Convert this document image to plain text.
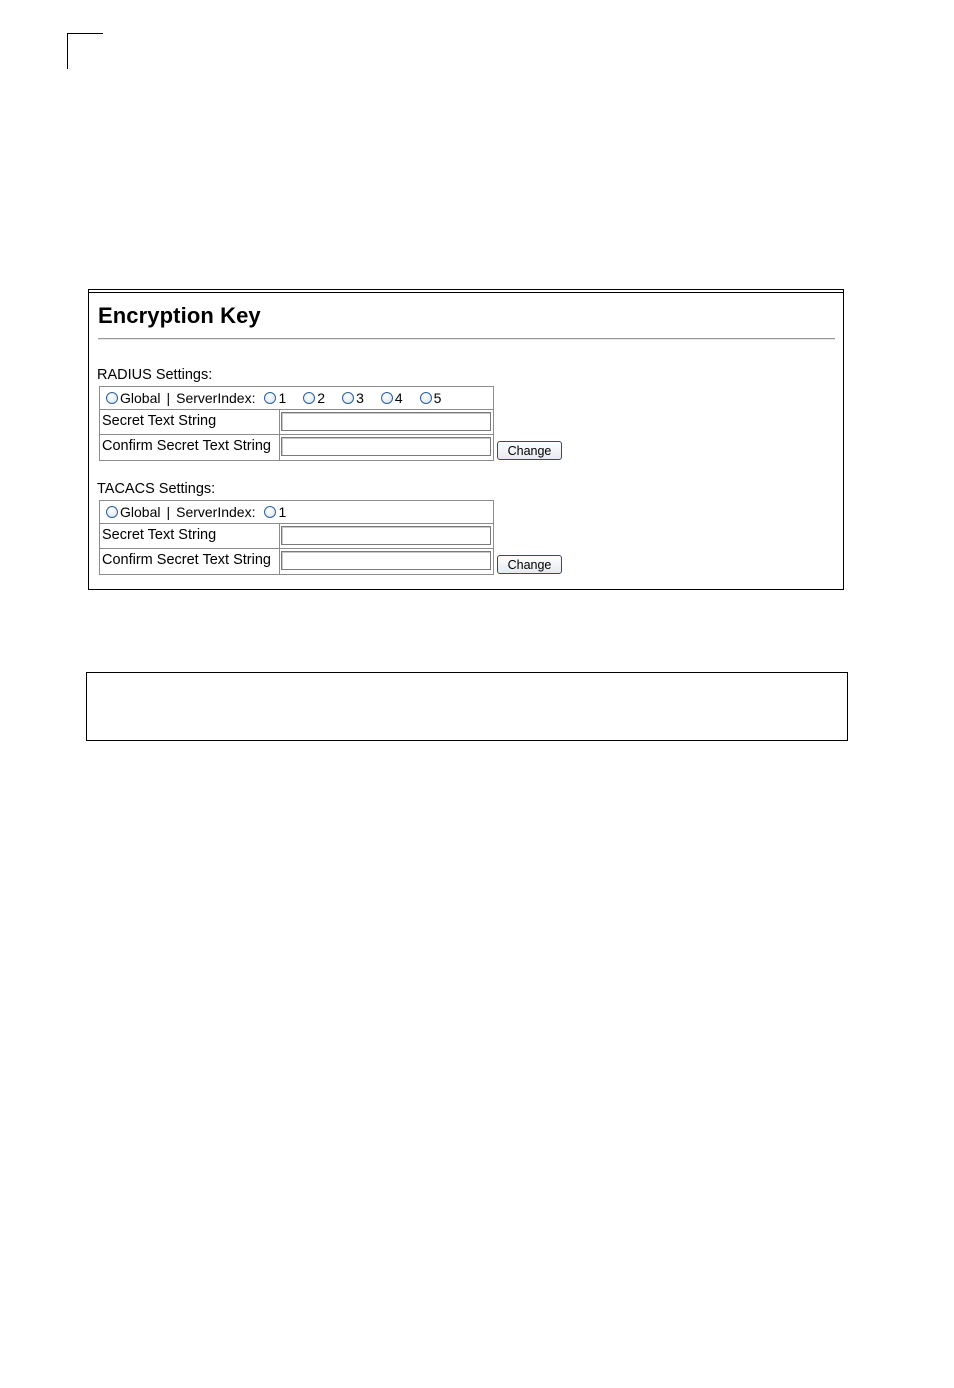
Encryption Key
RADIUS Settings:
Global | ServerIndex: 1 2 3 4 5
Secret Text String
Confirm Secret Text String	Change
TACACS Settings:
Global | ServerIndex: 1
Secret Text String
Confirm Secret Text String	Change
